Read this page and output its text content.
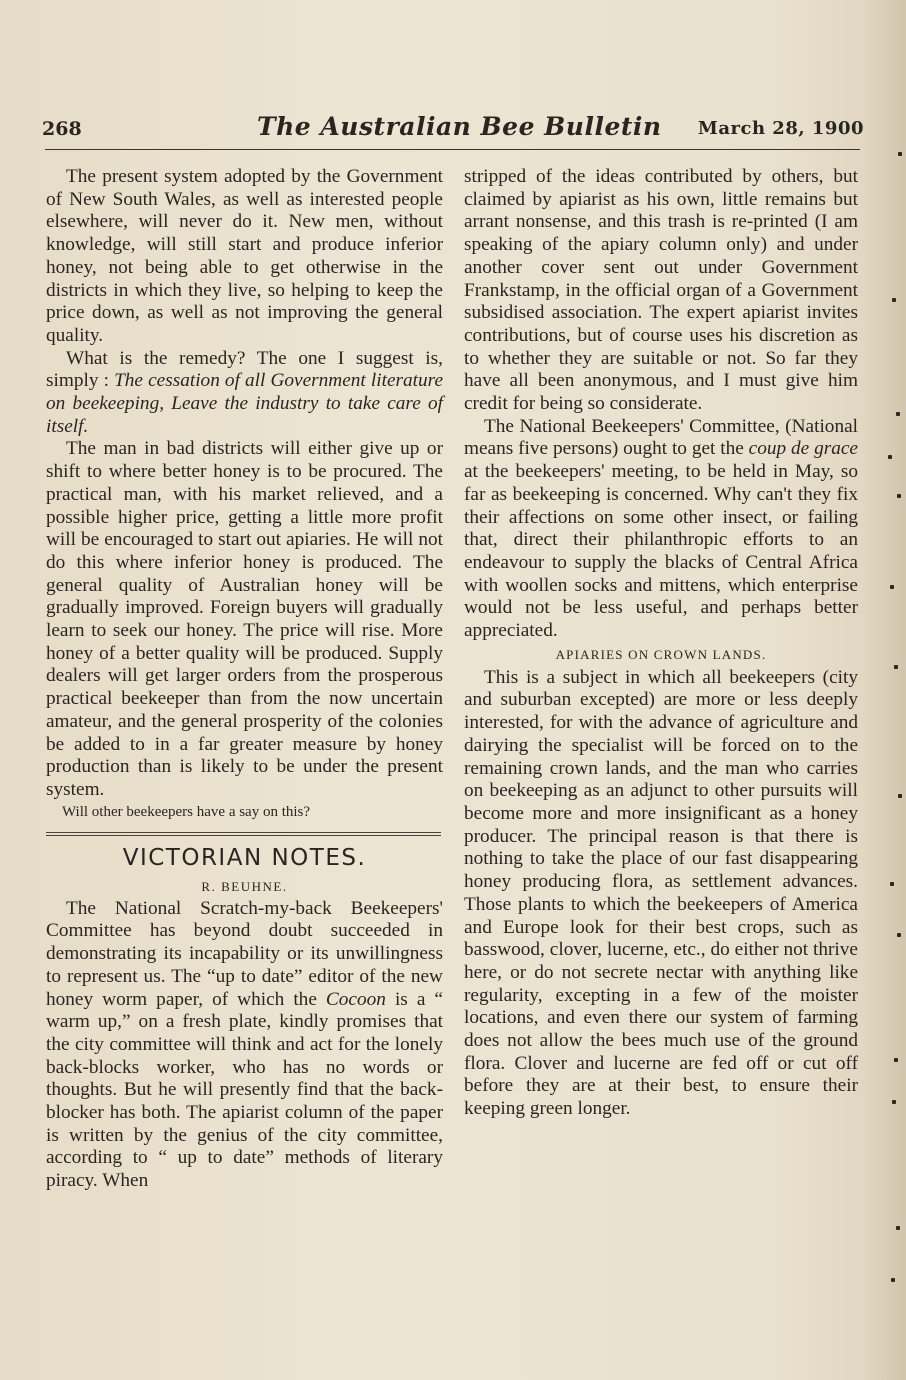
268	The Australian Bee Bulletin March 28, 1900

The present system adopted by the Government of New South Wales, as well as interested people elsewhere, will never do it. New men, without knowledge, will still start and produce inferior honey, not being able to get otherwise in the districts in which they live, so helping to keep the price down, as well as not improving the general quality.

What is the remedy? The one I suggest is, simply : The cessation of all Government literature on beekeeping, Leave the industry to take care of itself.

The man in bad districts will either give up or shift to where better honey is to be procured. The practical man, with his market relieved, and a possible higher price, getting a little more profit will be encouraged to start out apiaries. He will not do this where inferior honey is produced. The general quality of Australian honey will be gradually improved. Foreign buyers will gradually learn to seek our honey. The price will rise. More honey of a better quality will be produced. Supply dealers will get larger orders from the prosperous practical beekeeper than from the now uncertain amateur, and the general prosperity of the colonies be added to in a far greater measure by honey production than is likely to be under the present system.

Will other beekeepers have a say on this?

VICTORIAN NOTES.
R. BEUHNE.

The National Scratch-my-back Beekeepers' Committee has beyond doubt succeeded in demonstrating its incapability or its unwillingness to represent us. The “up to date” editor of the new honey worm paper, of which the Cocoon is a “ warm up,” on a fresh plate, kindly promises that the city committee will think and act for the lonely back-blocks worker, who has no words or thoughts. But he will presently find that the back-blocker has both. The apiarist column of the paper is written by the genius of the city committee, according to “ up to date” methods of literary piracy. When

stripped of the ideas contributed by others, but claimed by apiarist as his own, little remains but arrant nonsense, and this trash is re-printed (I am speaking of the apiary column only) and under another cover sent out under Government Frankstamp, in the official organ of a Government subsidised association. The expert apiarist invites contributions, but of course uses his discretion as to whether they are suitable or not. So far they have all been anonymous, and I must give him credit for being so considerate.

The National Beekeepers' Committee, (National means five persons) ought to get the coup de grace at the beekeepers' meeting, to be held in May, so far as beekeeping is concerned. Why can't they fix their affections on some other insect, or failing that, direct their philanthropic efforts to an endeavour to supply the blacks of Central Africa with woollen socks and mittens, which enterprise would not be less useful, and perhaps better appreciated.

APIARIES ON CROWN LANDS.

This is a subject in which all beekeepers (city and suburban excepted) are more or less deeply interested, for with the advance of agriculture and dairying the specialist will be forced on to the remaining crown lands, and the man who carries on beekeeping as an adjunct to other pursuits will become more and more insignificant as a honey producer. The principal reason is that there is nothing to take the place of our fast disappearing honey producing flora, as settlement advances. Those plants to which the beekeepers of America and Europe look for their best crops, such as basswood, clover, lucerne, etc., do either not thrive here, or do not secrete nectar with anything like regularity, excepting in a few of the moister locations, and even there our system of farming does not allow the bees much use of the ground flora. Clover and lucerne are fed off or cut off before they are at their best, to ensure their keeping green longer.
